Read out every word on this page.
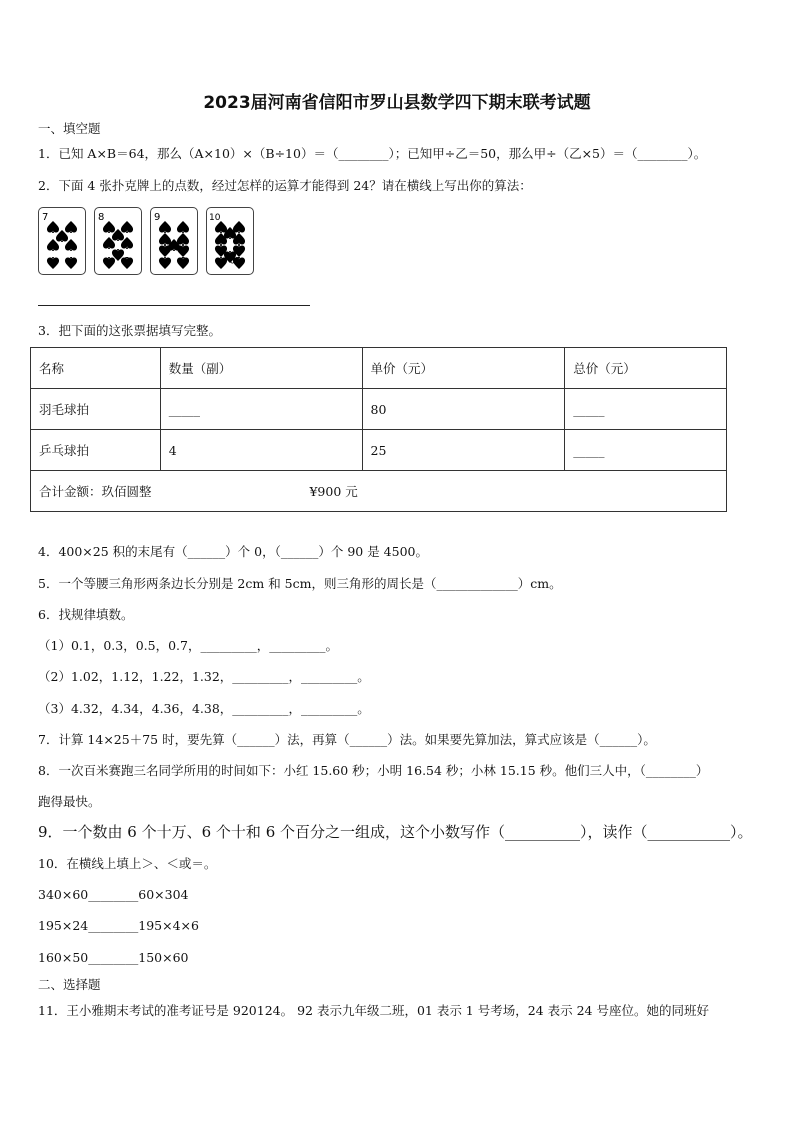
2023届河南省信阳市罗山县数学四下期末联考试题
一、填空题
1．已知 A×B＝64，那么（A×10）×（B÷10）＝（________）；已知甲÷乙＝50，那么甲÷（乙×5）＝（________）。
2．下面 4 张扑克牌上的点数，经过怎样的运算才能得到 24？请在横线上写出你的算法：
7	8	9	10
3．把下面的这张票据填写完整。
名称	数量（副）	单价（元）	总价（元）
羽毛球拍	_____	80	_____
乒乓球拍	4	25	_____
合计金额：玖佰圆整 ¥900 元			
4．400×25 积的末尾有（______）个 0，（______）个 90 是 4500。
5．一个等腰三角形两条边长分别是 2cm 和 5cm，则三角形的周长是（_____________）cm。
6．找规律填数。
（1）0.1，0.3，0.5，0.7，_________，_________。
（2）1.02，1.12，1.22，1.32，_________，_________。
（3）4.32，4.34，4.36，4.38，_________，_________。
7．计算 14×25＋75 时，要先算（______）法，再算（______）法。如果要先算加法，算式应该是（______）。
8．一次百米赛跑三名同学所用的时间如下：小红 15.60 秒；小明 16.54 秒；小林 15.15 秒。他们三人中，（________）
跑得最快。
9．一个数由 6 个十万、6 个十和 6 个百分之一组成，这个小数写作（__________），读作（___________）。
10．在横线上填上＞、＜或＝。
340×60________60×304
195×24________195×4×6
160×50________150×60
二、选择题
11．王小雅期末考试的准考证号是 920124。 92 表示九年级二班，01 表示 1 号考场，24 表示 24 号座位。她的同班好
